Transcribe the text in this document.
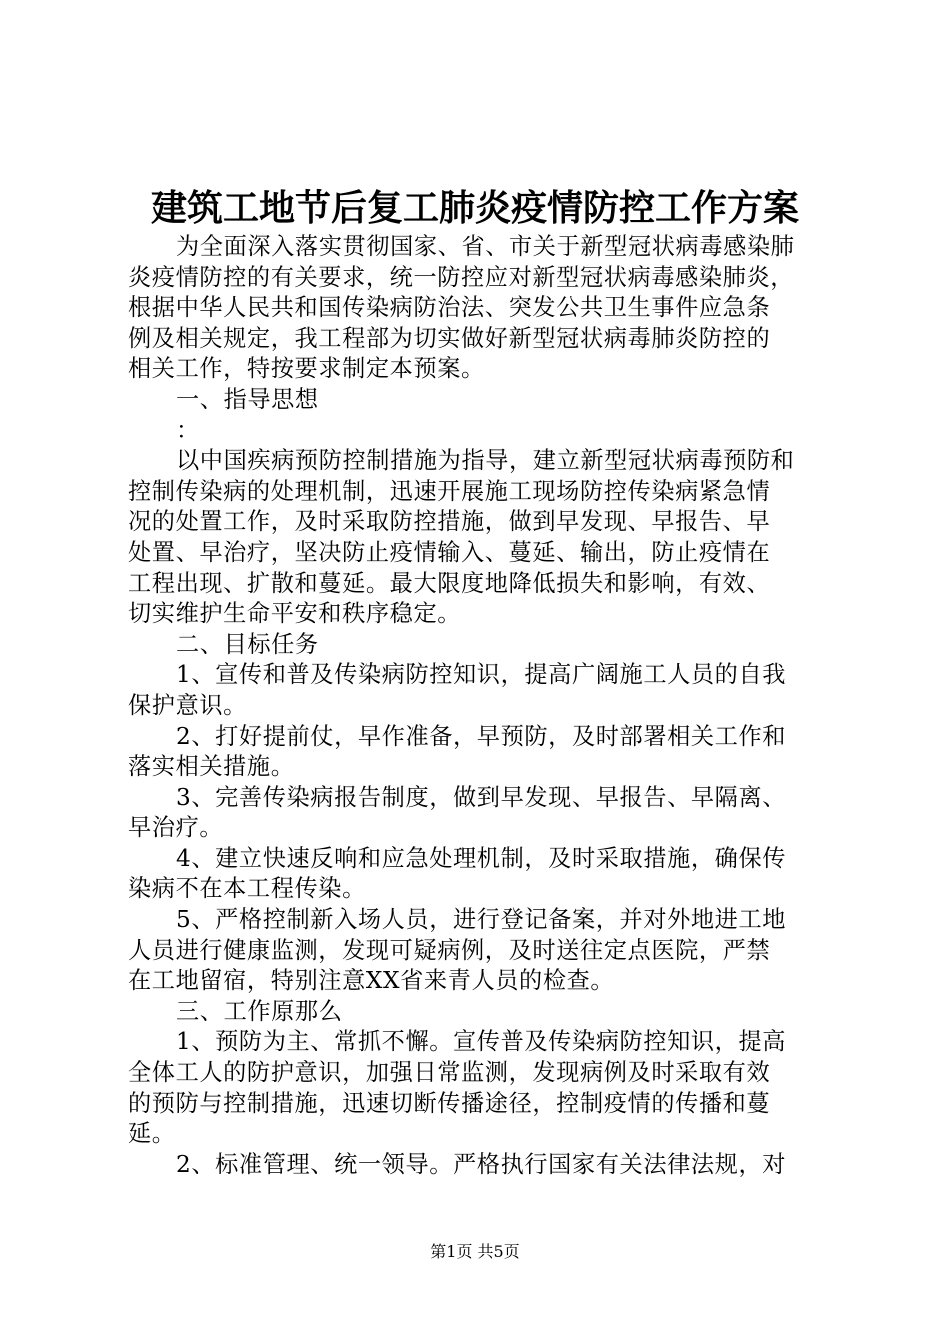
建筑工地节后复工肺炎疫情防控工作方案
为全面深入落实贯彻国家、省、市关于新型冠状病毒感染肺
炎疫情防控的有关要求，统一防控应对新型冠状病毒感染肺炎，
根据中华人民共和国传染病防治法、突发公共卫生事件应急条
例及相关规定，我工程部为切实做好新型冠状病毒肺炎防控的
相关工作，特按要求制定本预案。
一、指导思想
：
以中国疾病预防控制措施为指导，建立新型冠状病毒预防和
控制传染病的处理机制，迅速开展施工现场防控传染病紧急情
况的处置工作，及时采取防控措施，做到早发现、早报告、早
处置、早治疗，坚决防止疫情输入、蔓延、输出，防止疫情在
工程出现、扩散和蔓延。最大限度地降低损失和影响，有效、
切实维护生命平安和秩序稳定。
二、目标任务
1、宣传和普及传染病防控知识，提高广阔施工人员的自我
保护意识。
2、打好提前仗，早作准备，早预防，及时部署相关工作和
落实相关措施。
3、完善传染病报告制度，做到早发现、早报告、早隔离、
早治疗。
4、建立快速反响和应急处理机制，及时采取措施，确保传
染病不在本工程传染。
5、严格控制新入场人员，进行登记备案，并对外地进工地
人员进行健康监测，发现可疑病例，及时送往定点医院，严禁
在工地留宿，特别注意XX省来青人员的检查。
三、工作原那么
1、预防为主、常抓不懈。宣传普及传染病防控知识，提高
全体工人的防护意识，加强日常监测，发现病例及时采取有效
的预防与控制措施，迅速切断传播途径，控制疫情的传播和蔓
延。
2、标准管理、统一领导。严格执行国家有关法律法规，对
第1页 共5页
